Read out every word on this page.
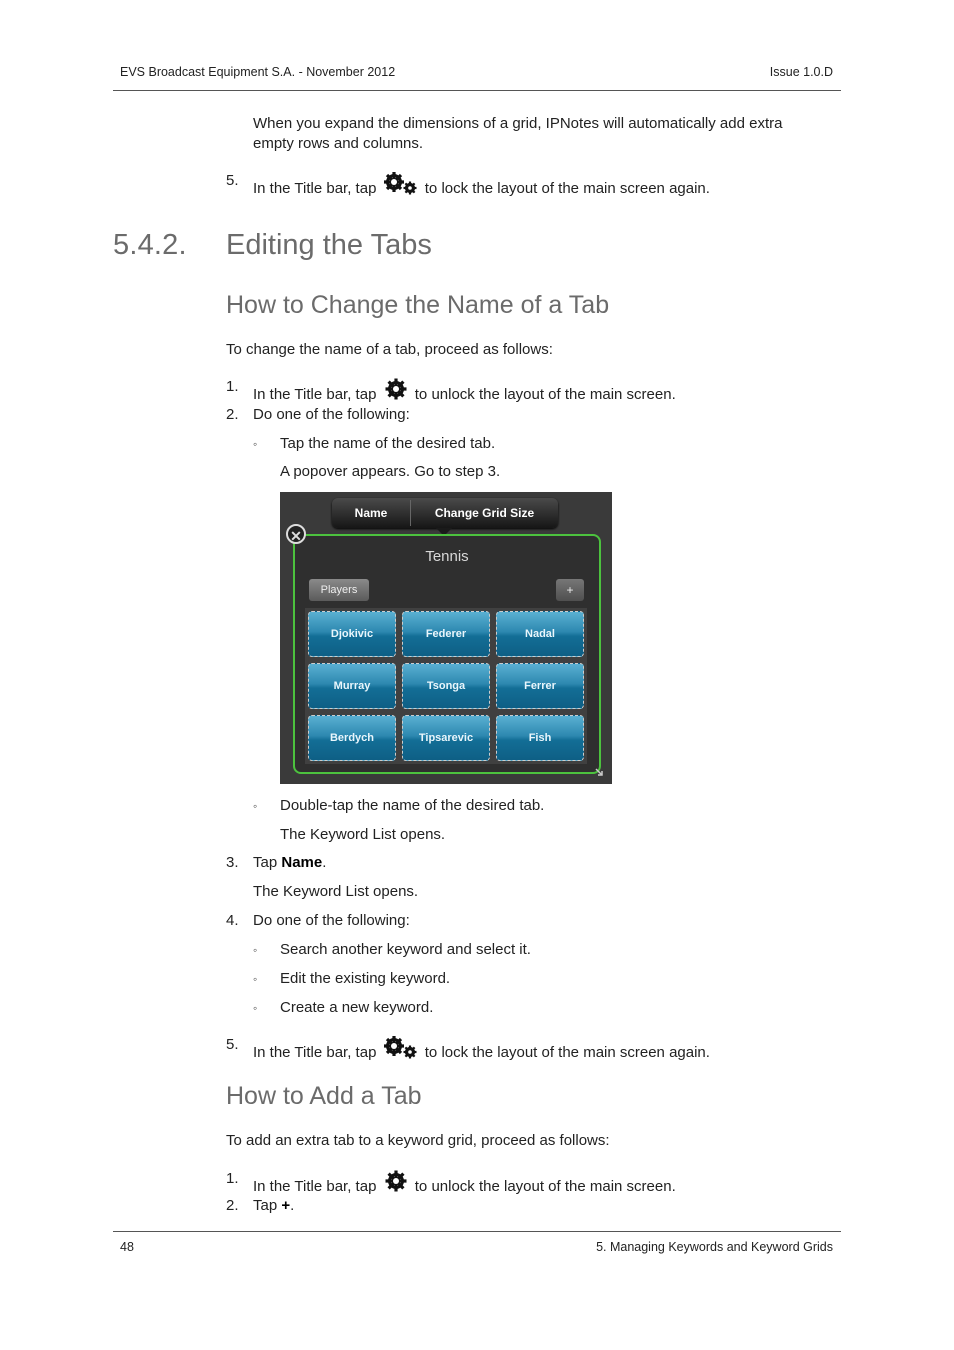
EVS Broadcast Equipment S.A. - November 2012	Issue 1.0.D
When you expand the dimensions of a grid, IPNotes will automatically add extra
empty rows and columns.
5. In the Title bar, tap	to lock the layout of the main screen again.
5.4.2. Editing the Tabs
How to Change the Name of a Tab
To change the name of a tab, proceed as follows:
1. In the Title bar, tap	to unlock the layout of the main screen.
2. Do one of the following:
◦ Tap the name of the desired tab.
A popover appears. Go to step 3.
Name	Change Grid Size
Tennis
Players	+
Djokivic	Federer	Nadal
Murray	Tsonga	Ferrer
Berdych	Tipsarevic	Fish
✕
◦ Double-tap the name of the desired tab.
The Keyword List opens.
3. Tap Name.
The Keyword List opens.
4. Do one of the following:
◦ Search another keyword and select it.
◦ Edit the existing keyword.
◦ Create a new keyword.
5. In the Title bar, tap	to lock the layout of the main screen again.
How to Add a Tab
To add an extra tab to a keyword grid, proceed as follows:
1. In the Title bar, tap	to unlock the layout of the main screen.
2. Tap +.
48	5. Managing Keywords and Keyword Grids
